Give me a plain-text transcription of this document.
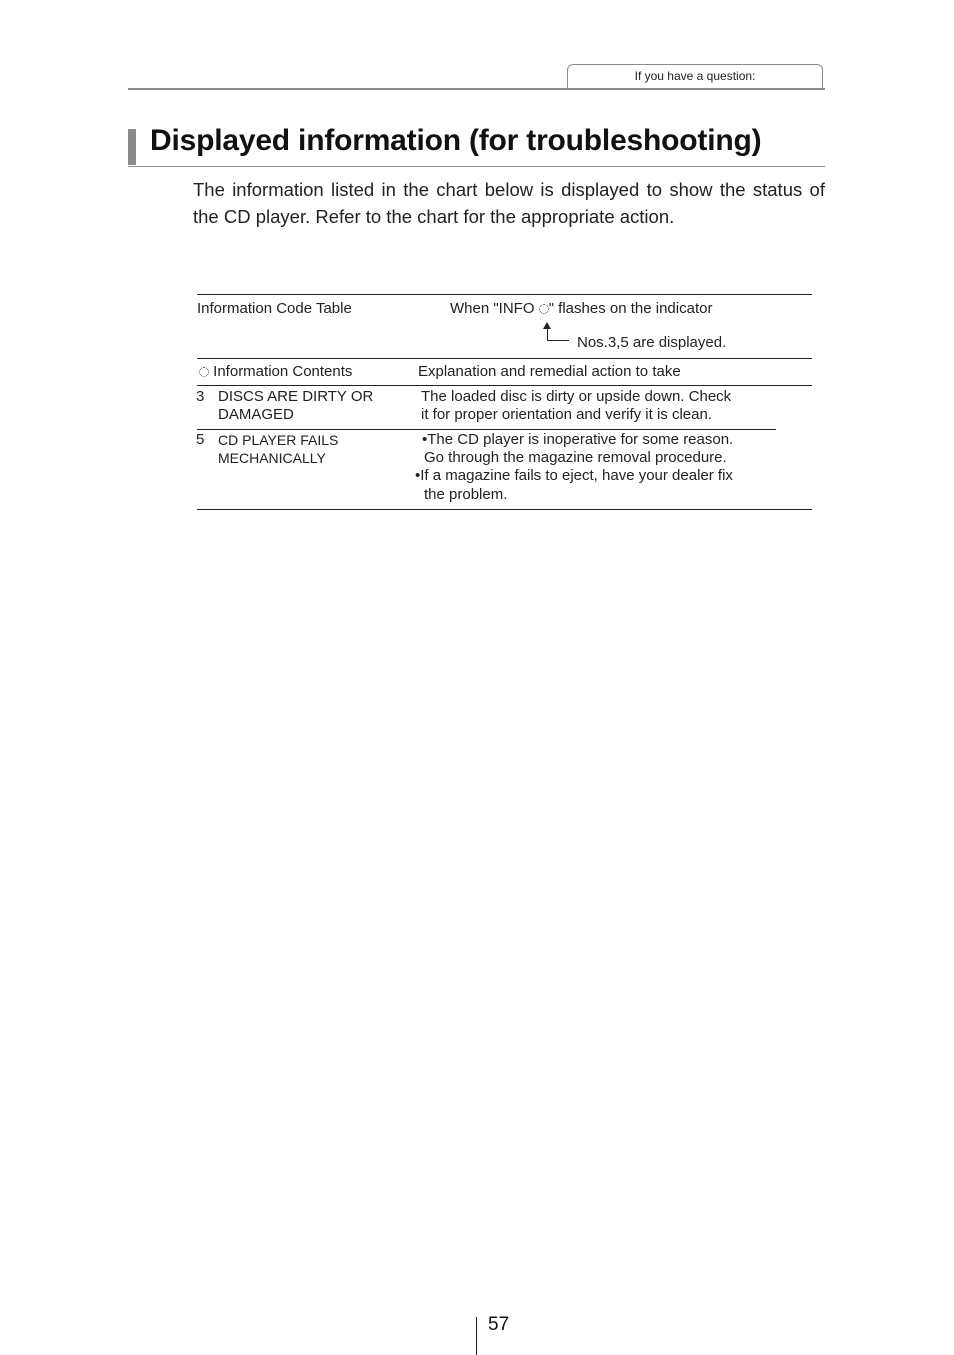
If you have a question:
Displayed information (for troubleshooting)

The information listed in the chart below is displayed to show the status of the CD player. Refer to the chart for the appropriate action.

Information Code Table	When "INFO " flashes on the indicator
Nos.3,5 are displayed.
Information Contents	Explanation and remedial action to take
3 DISCS ARE DIRTY OR
DAMAGED
The loaded disc is dirty or upside down. Check
it for proper orientation and verify it is clean.
5 CD PLAYER FAILS
MECHANICALLY
•The CD player is inoperative for some reason.
Go through the magazine removal procedure.
•If a magazine fails to eject, have your dealer fix
the problem.
57
